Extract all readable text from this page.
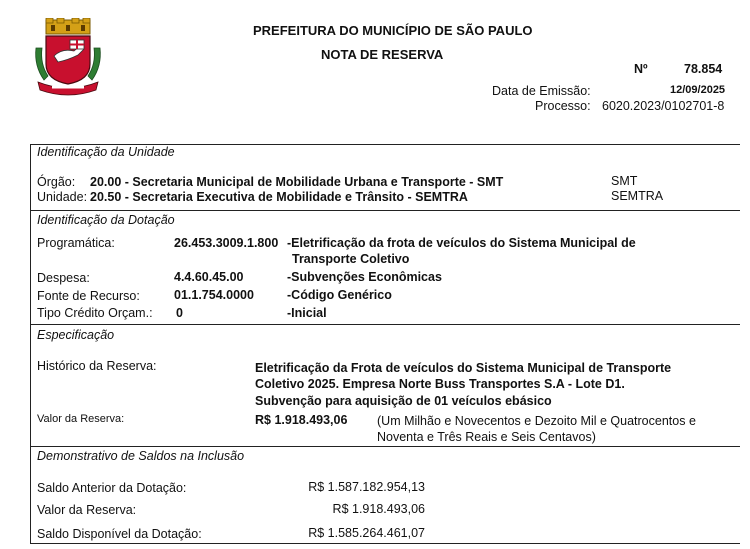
PREFEITURA DO MUNICÍPIO DE SÃO PAULO
NOTA DE RESERVA
Nº	78.854
Data de Emissão:	12/09/2025
Processo: 6020.2023/0102701-8
Identificação da Unidade
Órgão: 20.00 - Secretaria Municipal de Mobilidade Urbana e Transporte - SMT	SMT
Unidade: 20.50 - Secretaria Executiva de Mobilidade e Trânsito - SEMTRA	SEMTRA
Identificação da Dotação
Programática:	26.453.3009.1.800 -Eletrificação da frota de veículos do Sistema Municipal de
Transporte Coletivo
Despesa:	4.4.60.45.00	-Subvenções Econômicas
Fonte de Recurso:	01.1.754.0000	-Código Genérico
Tipo Crédito Orçam.: 0	-Inicial
Especificação
Histórico da Reserva:	Eletrificação da Frota de veículos do Sistema Municipal de Transporte
Coletivo 2025. Empresa Norte Buss Transportes S.A - Lote D1.
Subvenção para aquisição de 01 veículos ebásico
Valor da Reserva:	R$ 1.918.493,06 (Um Milhão e Novecentos e Dezoito Mil e Quatrocentos e
Noventa e Três Reais e Seis Centavos)
Demonstrativo de Saldos na Inclusão
Saldo Anterior da Dotação:	R$ 1.587.182.954,13
Valor da Reserva:	R$ 1.918.493,06
Saldo Disponível da Dotação:	R$ 1.585.264.461,07
